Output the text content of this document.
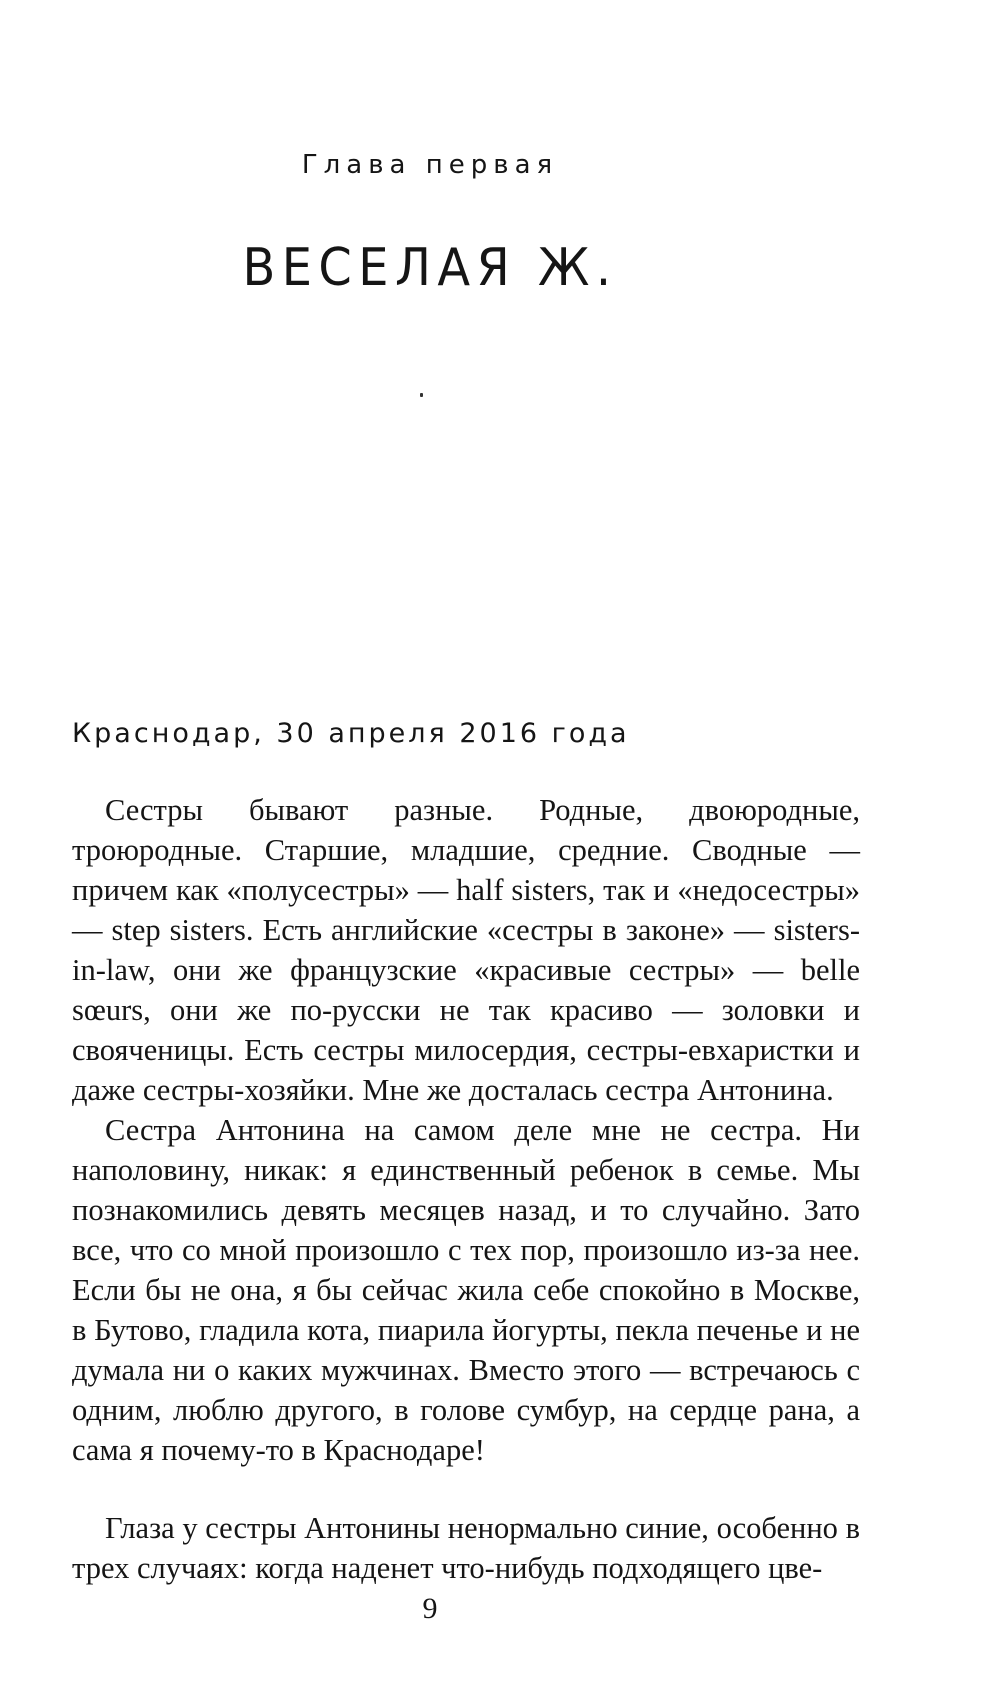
Глава первая
ВЕСЕЛАЯ Ж.
Краснодар, 30 апреля 2016 года

Сестры бывают разные. Родные, двоюродные, троюродные. Старшие, младшие, средние. Сводные — причем как «полусестры» — half sisters, так и «недосестры» — step sisters. Есть английские «сестры в законе» — sisters-in-law, они же французские «красивые сестры» — belle sœurs, они же по-русски не так красиво — золовки и свояченицы. Есть сестры милосердия, сестры-евхаристки и даже сестры-хозяйки. Мне же досталась сестра Антонина.

Сестра Антонина на самом деле мне не сестра. Ни наполовину, никак: я единственный ребенок в семье. Мы познакомились девять месяцев назад, и то случайно. Зато все, что со мной произошло с тех пор, произошло из-за нее. Если бы не она, я бы сейчас жила себе спокойно в Москве, в Бутово, гладила кота, пиарила йогурты, пекла печенье и не думала ни о каких мужчинах. Вместо этого — встречаюсь с одним, люблю другого, в голове сумбур, на сердце рана, а сама я почему-то в Краснодаре!

Глаза у сестры Антонины ненормально синие, особенно в трех случаях: когда наденет что-нибудь подходящего цве-

9
